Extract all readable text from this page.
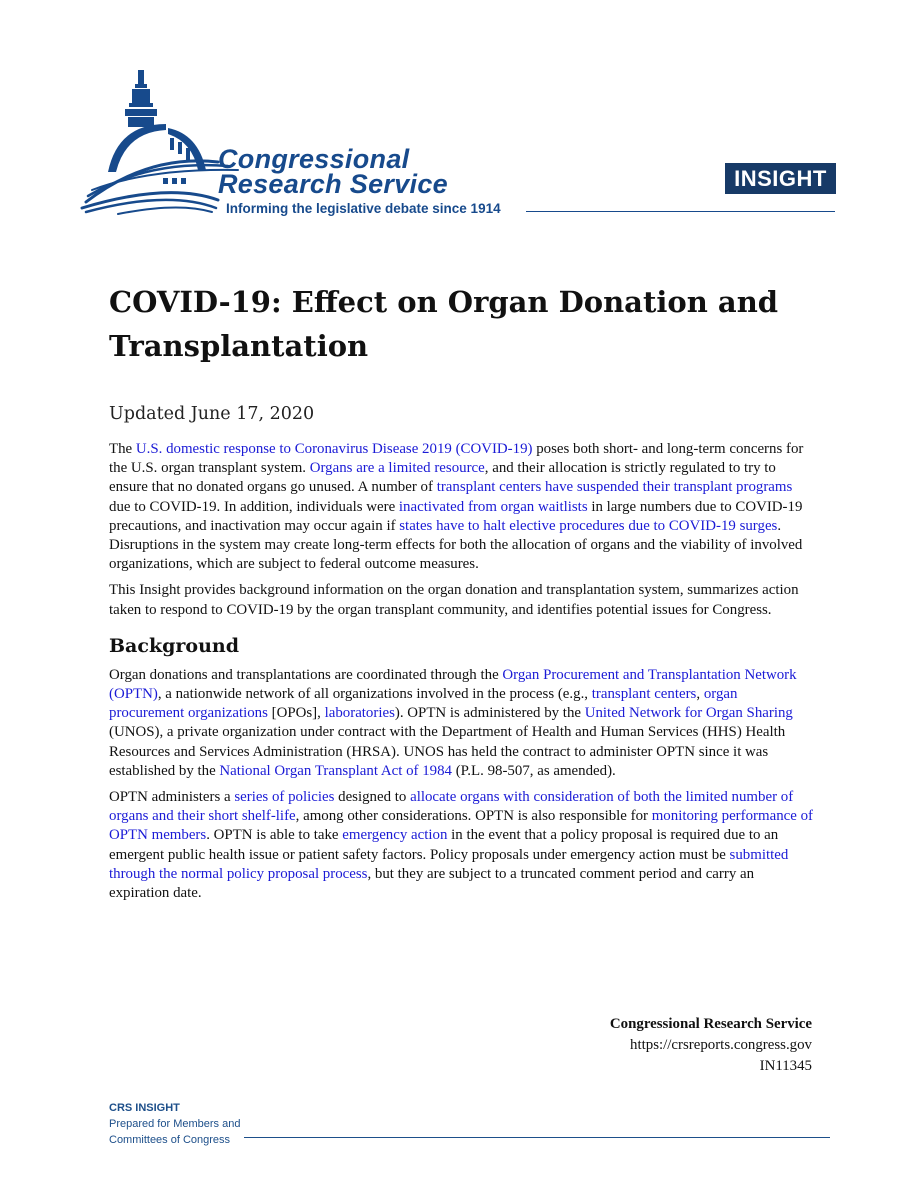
Congressional
Research Service
Informing the legislative debate since 1914
INSIGHT
COVID-19: Effect on Organ Donation and Transplantation
Updated June 17, 2020

The U.S. domestic response to Coronavirus Disease 2019 (COVID-19) poses both short- and long-term concerns for the U.S. organ transplant system. Organs are a limited resource, and their allocation is strictly regulated to try to ensure that no donated organs go unused. A number of transplant centers have suspended their transplant programs due to COVID-19. In addition, individuals were inactivated from organ waitlists in large numbers due to COVID-19 precautions, and inactivation may occur again if states have to halt elective procedures due to COVID-19 surges. Disruptions in the system may create long-term effects for both the allocation of organs and the viability of involved organizations, which are subject to federal outcome measures.

This Insight provides background information on the organ donation and transplantation system, summarizes action taken to respond to COVID-19 by the organ transplant community, and identifies potential issues for Congress.

Background

Organ donations and transplantations are coordinated through the Organ Procurement and Transplantation Network (OPTN), a nationwide network of all organizations involved in the process (e.g., transplant centers, organ procurement organizations [OPOs], laboratories). OPTN is administered by the United Network for Organ Sharing (UNOS), a private organization under contract with the Department of Health and Human Services (HHS) Health Resources and Services Administration (HRSA). UNOS has held the contract to administer OPTN since it was established by the National Organ Transplant Act of 1984 (P.L. 98-507, as amended).

OPTN administers a series of policies designed to allocate organs with consideration of both the limited number of organs and their short shelf-life, among other considerations. OPTN is also responsible for monitoring performance of OPTN members. OPTN is able to take emergency action in the event that a policy proposal is required due to an emergent public health issue or patient safety factors. Policy proposals under emergency action must be submitted through the normal policy proposal process, but they are subject to a truncated comment period and carry an expiration date.

Congressional Research Service
https://crsreports.congress.gov
IN11345
CRS INSIGHT
Prepared for Members and
Committees of Congress
